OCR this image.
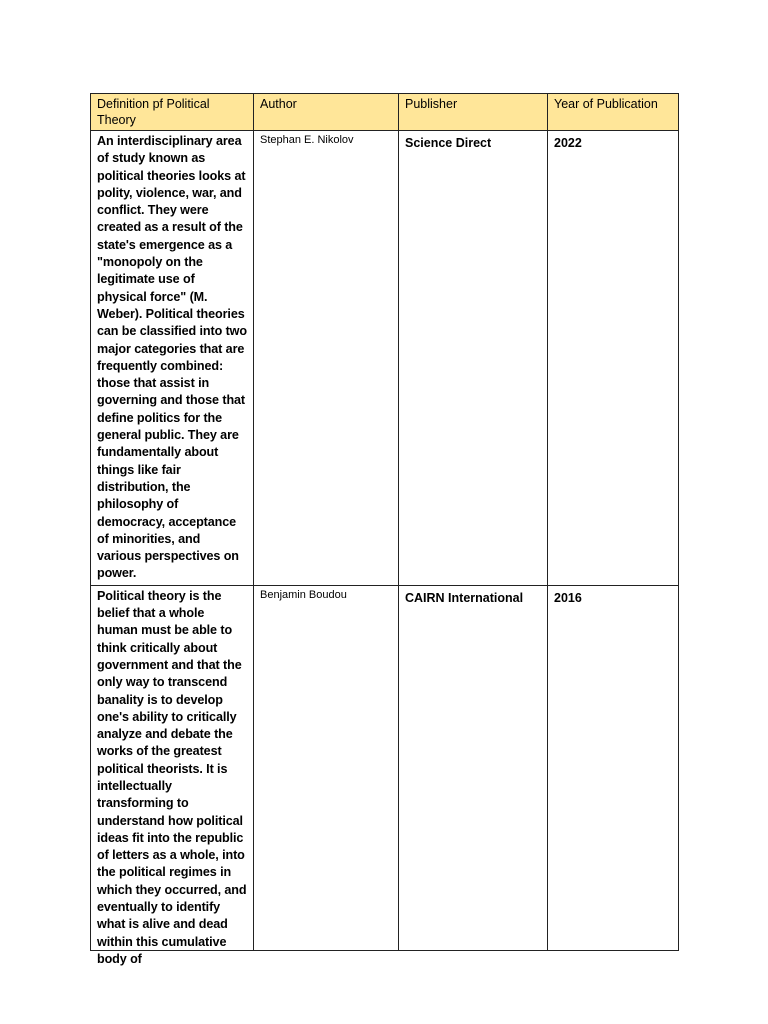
Definition pf Political Theory	Author	Publisher	Year of Publication

An interdisciplinary area of study known as political theories looks at polity, violence, war, and conflict. They were created as a result of the state's emergence as a "monopoly on the legitimate use of physical force" (M. Weber). Political theories can be classified into two major categories that are frequently combined: those that assist in governing and those that define politics for the general public. They are fundamentally about things like fair distribution, the philosophy of democracy, acceptance of minorities, and various perspectives on power.	Stephan E. Nikolov	Science Direct	2022

Political theory is the belief that a whole human must be able to think critically about government and that the only way to transcend banality is to develop one's ability to critically analyze and debate the works of the greatest political theorists. It is intellectually transforming to understand how political ideas fit into the republic of letters as a whole, into the political regimes in which they occurred, and eventually to identify what is alive and dead within this cumulative body of	Benjamin Boudou	CAIRN International	2016
